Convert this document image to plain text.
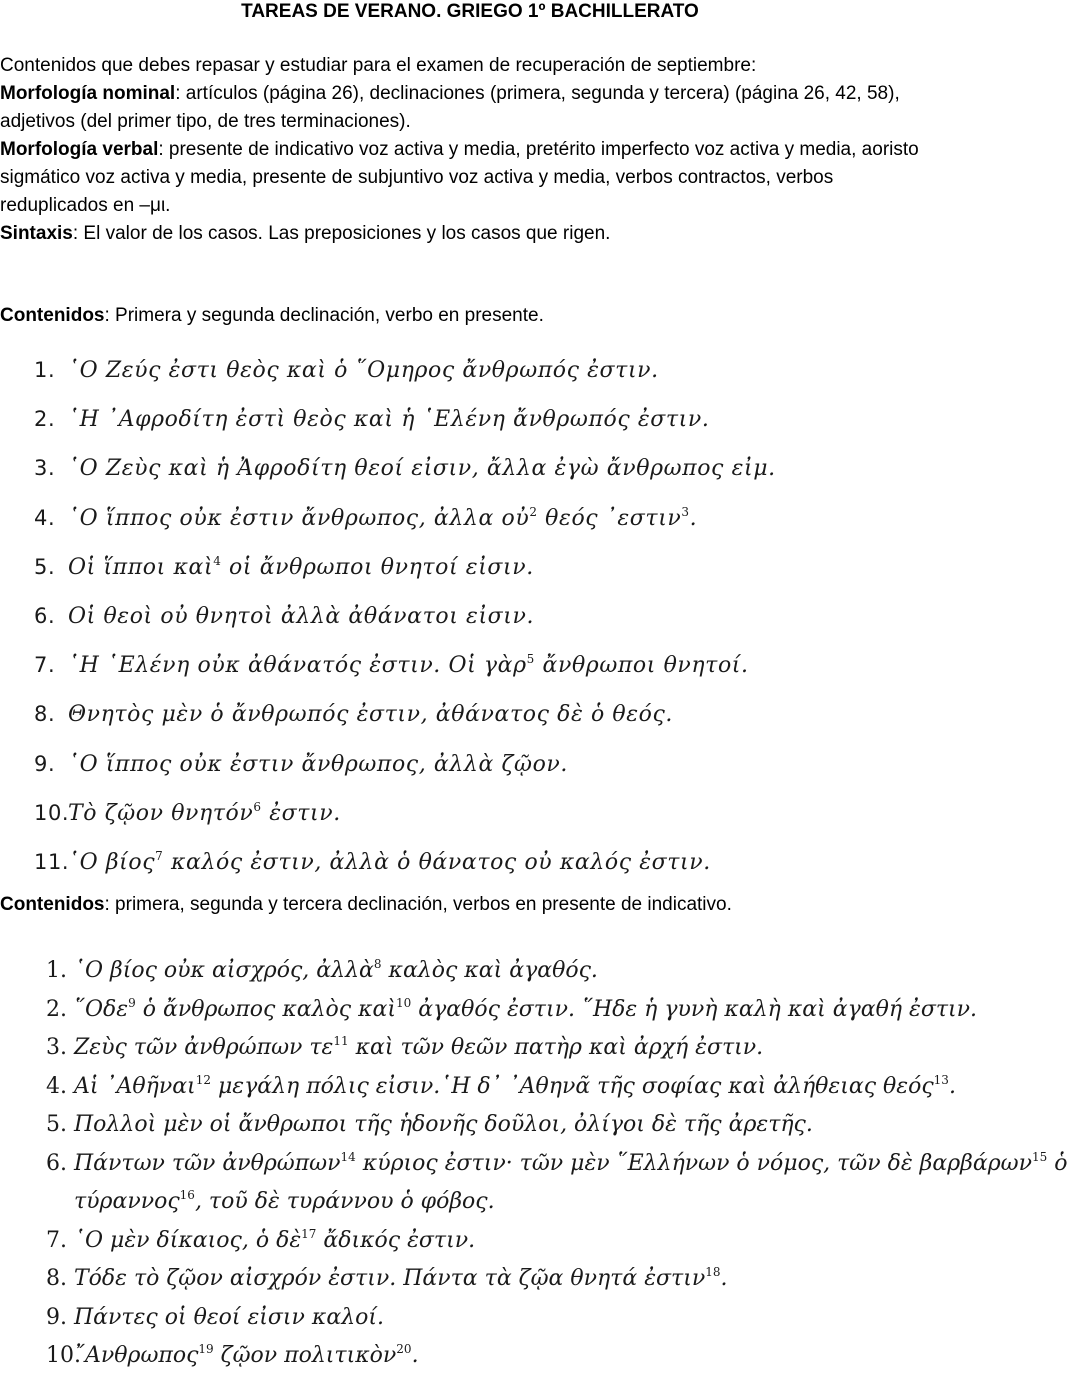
TAREAS DE VERANO. GRIEGO 1º BACHILLERATO

Contenidos que debes repasar y estudiar para el examen de recuperación de septiembre:

Morfología nominal: artículos (página 26), declinaciones (primera, segunda y tercera) (página 26, 42, 58), adjetivos (del primer tipo, de tres terminaciones).

Morfología verbal: presente de indicativo voz activa y media, pretérito imperfecto voz activa y media, aoristo sigmático voz activa y media, presente de subjuntivo voz activa y media, verbos contractos, verbos reduplicados en –μι.

Sintaxis: El valor de los casos. Las preposiciones y los casos que rigen.

Contenidos: Primera y segunda declinación, verbo en presente.
1. ῾Ο Ζεύς ἐστι θεὸς καὶ ὁ ῞Ομηρος ἄνθρωπός ἐστιν.
2. ῾Η ᾿Αφροδίτη ἐστὶ θεὸς καὶ ἡ ῾Ελένη ἄνθρωπός ἐστιν.
3. ῾Ο Ζεὺς καὶ ἡ Ἀφροδίτη θεοί εἰσιν, ἄλλα ἐγὼ ἄνθρωπος εἰμ.
4. ῾Ο ἵππος οὐκ ἐστιν ἄνθρωπος, ἀλλα οὐ$^2$ θεός ᾿εστιν$^3$.
5. Οἱ ἵπποι καὶ$^4$ οἱ ἄνθρωποι θνητοί εἰσιν.
6. Οἱ θεοὶ οὐ θνητοὶ ἀλλὰ ἀθάνατοι εἰσιν.
7. ῾Η ῾Ελένη οὐκ ἀθάνατός ἐστιν. Οἱ γὰρ$^5$ ἄνθρωποι θνητοί.
8. Θνητὸς μὲν ὁ ἄνθρωπός ἐστιν, ἀθάνατος δὲ ὁ θεός.
9. ῾Ο ἵππος οὐκ ἐστιν ἄνθρωπος, ἀλλὰ ζῷον.
10.Τὸ ζῷον θνητόν$^6$ ἐστιν.
11.῾Ο βίος$^7$ καλός ἐστιν, ἀλλὰ ὁ θάνατος οὐ καλός ἐστιν.
Contenidos: primera, segunda y tercera declinación, verbos en presente de indicativo.
1. ῾Ο βίος οὐκ αἰσχρός, ἀλλὰ$^8$ καλὸς καὶ ἀγαθός.
2. ῞Οδε$^9$ ὁ ἄνθρωπος καλὸς καὶ$^{10}$ ἀγαθός ἐστιν. ῞Ηδε ἡ γυνὴ καλὴ καὶ ἀγαθή ἐστιν.
3. Ζεὺς τῶν ἀνθρώπων $\tau\varepsilon^{11}$ καὶ τῶν θεῶν πατὴρ καὶ ἀρχή ἐστιν.
4. Αἱ ᾿Αθῆναι$^{12}$ μεγάλη πόλις εἰσιν.῾Η δ᾿ ᾿Αθηνᾶ τῆς σοφίας καὶ ἀλήθειας θεός$^{13}$.
5. Πολλοὶ μὲν οἱ ἄνθρωποι τῆς ἡδονῆς δοῦλοι, ὀλίγοι δὲ τῆς ἀρετῆς.
6. Πάντων τῶν ἀνθρώπων$^{14}$ κύριος ἐστιν· τῶν μὲν ῞Ελλήνων ὁ νόμος, τῶν δὲ βαρβάρων$^{15}$ ὁ
τύραννος$^{16}$, τοῦ δὲ τυράννου ὁ φόβος.
7. ῾Ο μὲν δίκαιος, ὁ δὲ$^{17}$ ἄδικός ἐστιν.
8. Τόδε τὸ ζῷον αἰσχρόν ἐστιν. Πάντα τὰ ζῷα θνητά ἐστιν$^{18}$.
9. Πάντες οἱ θεοί εἰσιν καλοί.
10.῎Ανθρωπος$^{19}$ ζῷον πολιτικὸν$^{20}$.
